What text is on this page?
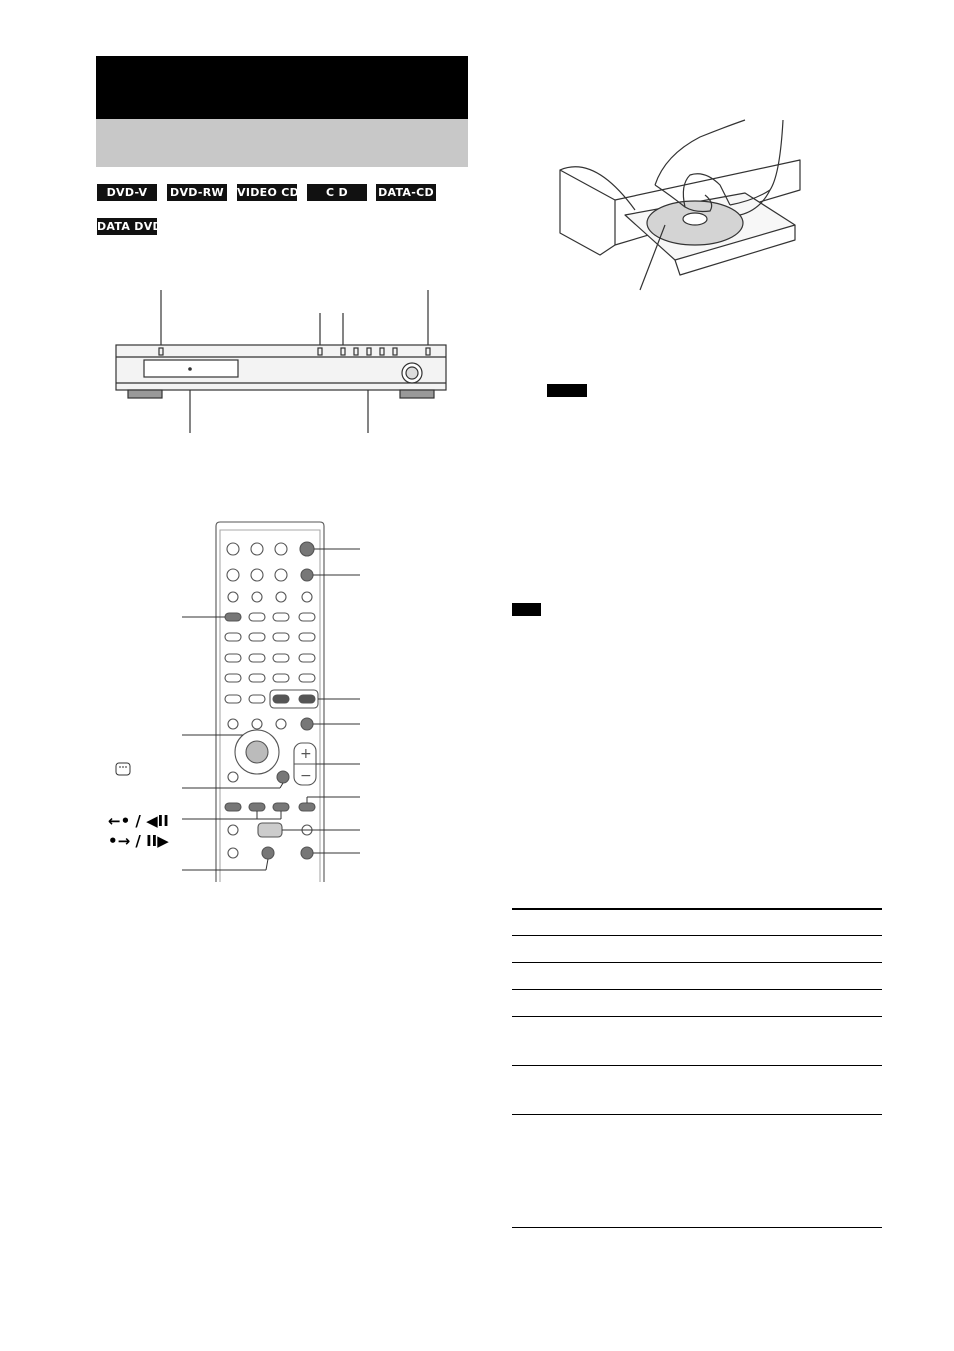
DVD-V	DVD-RW VIDEO CD	C D	DATA-CD
DATA DVD
+
−
←• / ◀II
•→ / II▶
